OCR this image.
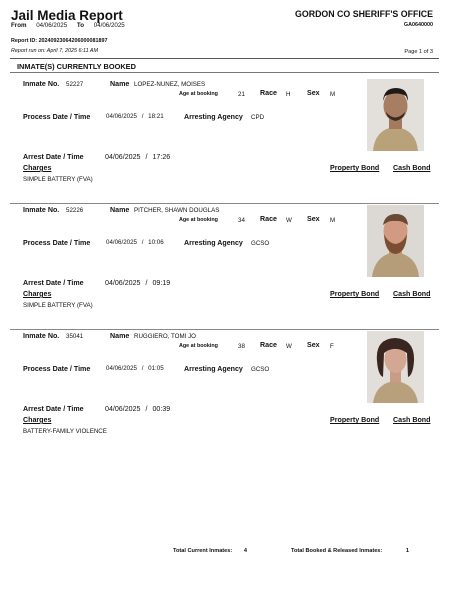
Jail Media Report
From 04/06/2025 To 04/06/2025
GORDON CO SHERIFF'S OFFICE
GA0640000
Report ID: 20240923064206000081897
Report run on: April 7, 2025 6:11 AM	Page 1 of 3
INMATE(S) CURRENTLY BOOKED
Inmate No. 52227	Name LOPEZ-NUNEZ, MOISES
Age at booking	21 Race H Sex M
Process Date / Time	04/06/2025 / 18:21	Arresting Agency CPD
Arrest Date / Time	04/06/2025 / 17:26
Charges
SIMPLE BATTERY (FVA)
Property Bond Cash Bond
Inmate No. 52226	Name PITCHER, SHAWN DOUGLAS
Age at booking	34 Race W Sex M
Process Date / Time	04/06/2025 / 10:06	Arresting Agency GCSO
Arrest Date / Time	04/06/2025 / 09:19
Charges
SIMPLE BATTERY (FVA)
Property Bond Cash Bond
Inmate No. 35041	Name RUGGIERO, TOMI JO
Age at booking	38 Race W Sex F
Process Date / Time	04/06/2025 / 01:05	Arresting Agency GCSO
Arrest Date / Time	04/06/2025 / 00:39
Charges
BATTERY-FAMILY VIOLENCE
Property Bond Cash Bond
Total Current Inmates: 4	Total Booked & Released Inmates:	1
